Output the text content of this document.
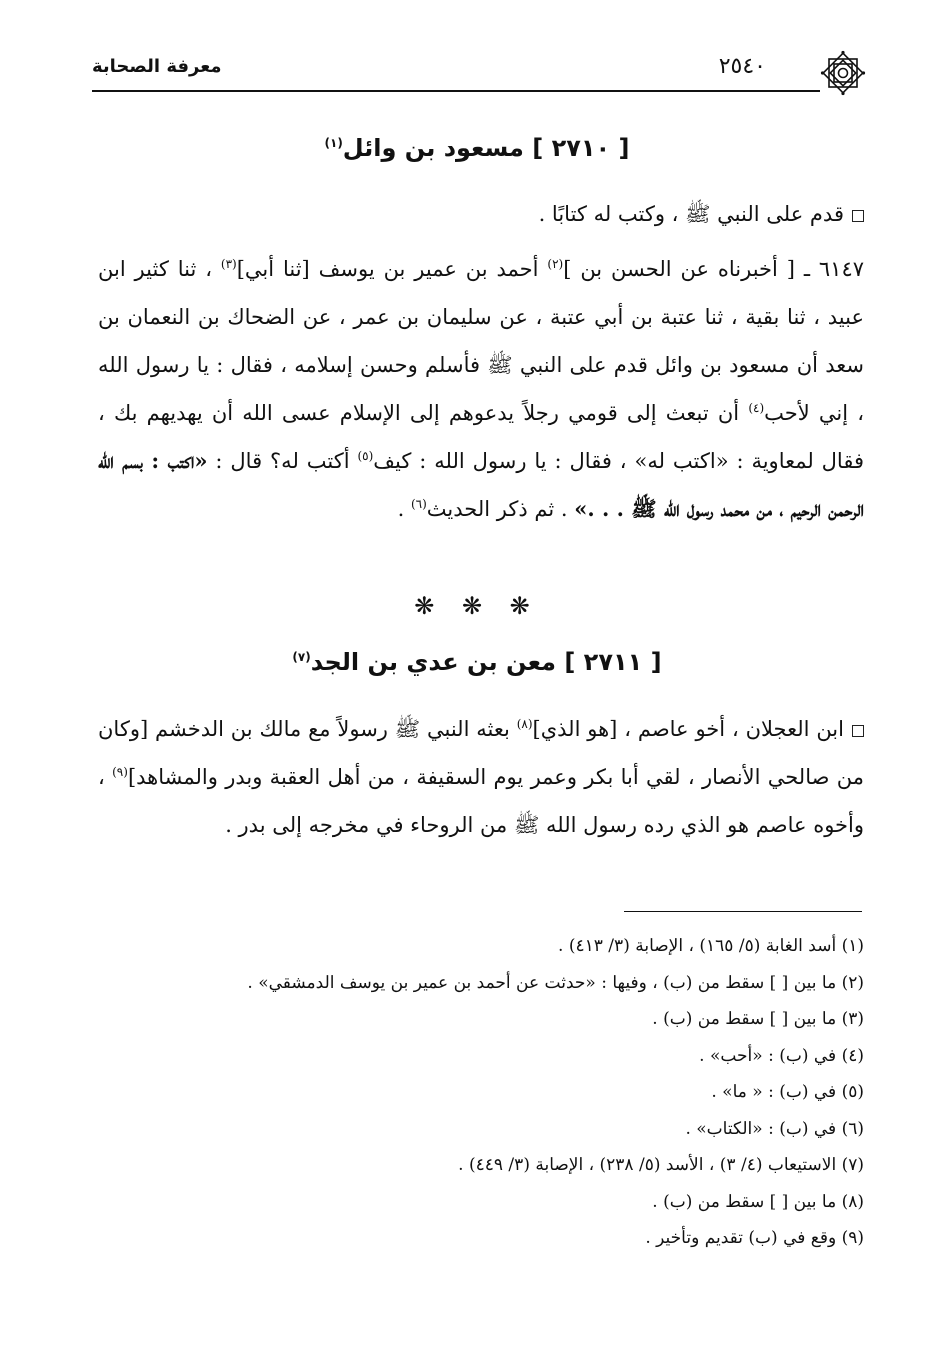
معرفة الصحابة	٢٥٤٠
[ ٢٧١٠ ] مسعود بن وائل$^{(١)}$
قدم على النبي ﷺ ، وكتب له كتابًا .

٦١٤٧ ـ [ أخبرناه عن الحسن بن ]$^{(٢)}$ أحمد بن عمير بن يوسف [ثنا أبي]$^{(٣)}$ ، ثنا كثير ابن عبيد ، ثنا بقية ، ثنا عتبة بن أبي عتبة ، عن سليمان بن عمر ، عن الضحاك بن النعمان بن سعد أن مسعود بن وائل قدم على النبي ﷺ فأسلم وحسن إسلامه ، فقال : يا رسول الله ، إني لأحب$^{(٤)}$ أن تبعث إلى قومي رجلاً يدعوهم إلى الإسلام عسى الله أن يهديهم بك ، فقال لمعاوية : «اكتب له» ، فقال : يا رسول الله : كيف$^{(٥)}$ أكتب له؟ قال : «اكتب : بسم الله الرحمن الرحيم ، من محمد رسول الله ﷺ . . .» . ثم ذكر الحديث$^{(٦)}$ .

❋ ❋ ❋
[ ٢٧١١ ] معن بن عدي بن الجد$^{(٧)}$

ابن العجلان ، أخو عاصم ، [هو الذي]$^{(٨)}$ بعثه النبي ﷺ رسولاً مع مالك بن الدخشم [وكان من صالحي الأنصار ، لقي أبا بكر وعمر يوم السقيفة ، من أهل العقبة وبدر والمشاهد]$^{(٩)}$ ، وأخوه عاصم هو الذي رده رسول الله ﷺ من الروحاء في مخرجه إلى بدر .

(١) أسد الغابة (٥/ ١٦٥) ، الإصابة (٣/ ٤١٣) .
(٢) ما بين [ ] سقط من (ب) ، وفيها : «حدثت عن أحمد بن عمير بن يوسف الدمشقي» .
(٣) ما بين [ ] سقط من (ب) .
(٤) في (ب) : «أحب» .
(٥) في (ب) : « ما» .
(٦) في (ب) : «الكتاب» .
(٧) الاستيعاب (٤/ ٣) ، الأسد (٥/ ٢٣٨) ، الإصابة (٣/ ٤٤٩) .
(٨) ما بين [ ] سقط من (ب) .
(٩) وقع في (ب) تقديم وتأخير .
